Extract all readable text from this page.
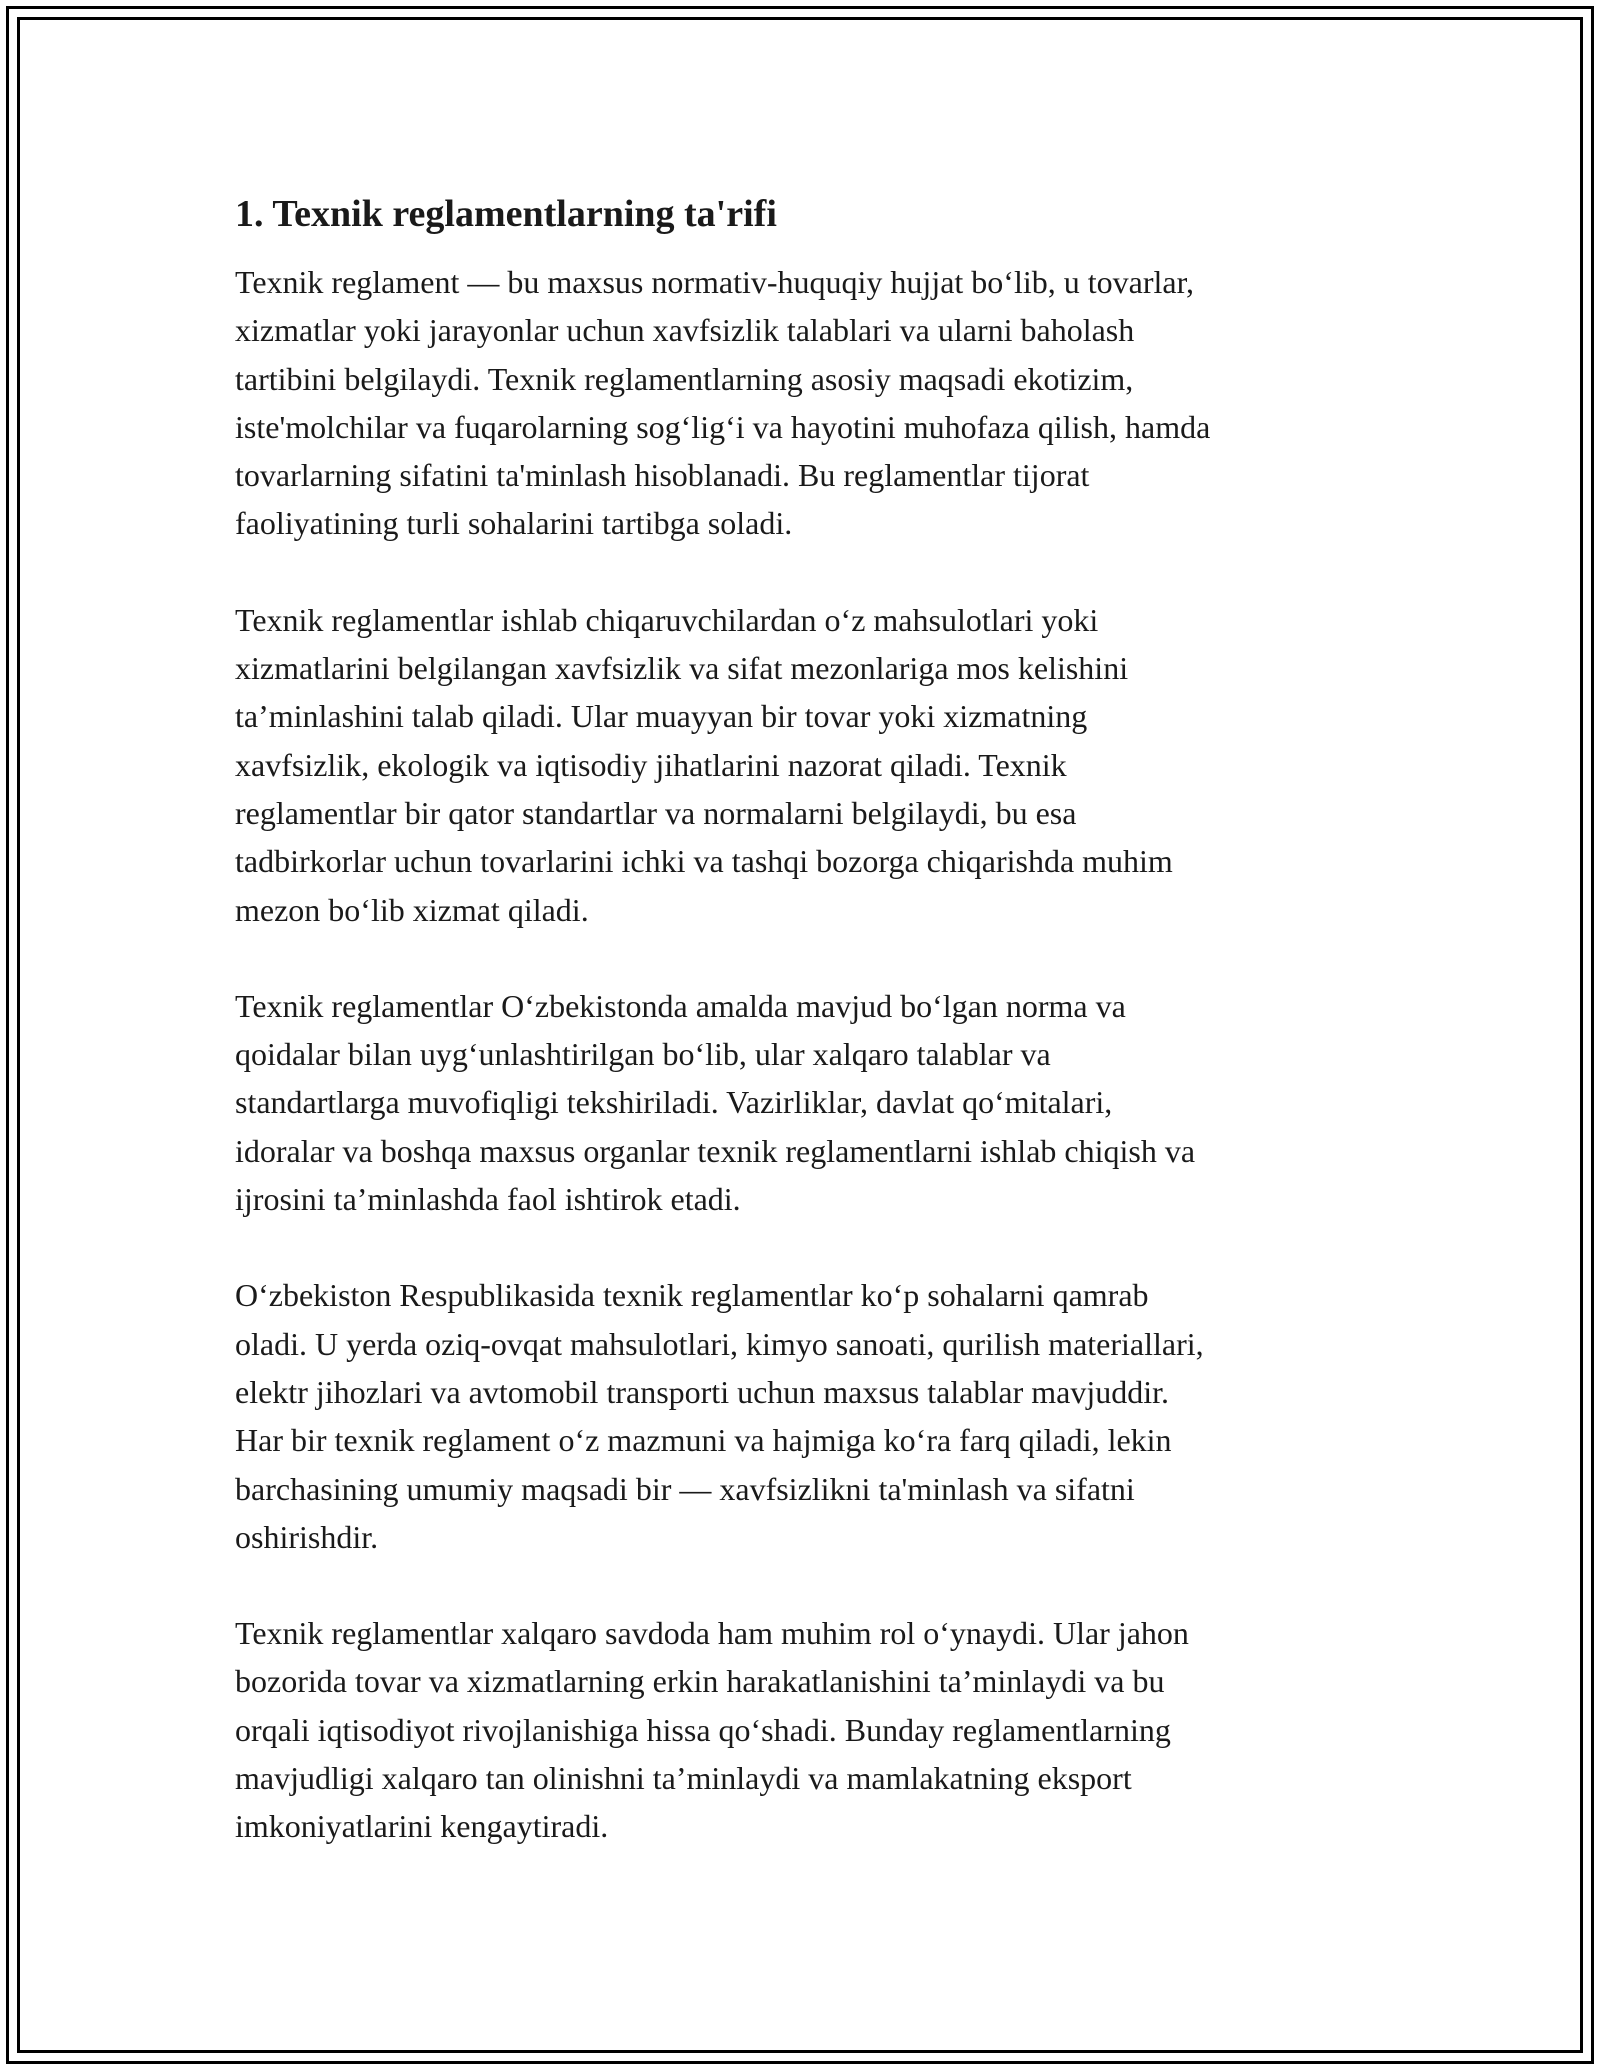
1. Texnik reglamentlarning ta'rifi

Texnik reglament — bu maxsus normativ-huquqiy hujjat bo‘lib, u tovarlar,
xizmatlar yoki jarayonlar uchun xavfsizlik talablari va ularni baholash
tartibini belgilaydi. Texnik reglamentlarning asosiy maqsadi ekotizim,
iste'molchilar va fuqarolarning sog‘lig‘i va hayotini muhofaza qilish, hamda
tovarlarning sifatini ta'minlash hisoblanadi. Bu reglamentlar tijorat
faoliyatining turli sohalarini tartibga soladi.

Texnik reglamentlar ishlab chiqaruvchilardan o‘z mahsulotlari yoki
xizmatlarini belgilangan xavfsizlik va sifat mezonlariga mos kelishini
ta’minlashini talab qiladi. Ular muayyan bir tovar yoki xizmatning
xavfsizlik, ekologik va iqtisodiy jihatlarini nazorat qiladi. Texnik
reglamentlar bir qator standartlar va normalarni belgilaydi, bu esa
tadbirkorlar uchun tovarlarini ichki va tashqi bozorga chiqarishda muhim
mezon bo‘lib xizmat qiladi.

Texnik reglamentlar O‘zbekistonda amalda mavjud bo‘lgan norma va
qoidalar bilan uyg‘unlashtirilgan bo‘lib, ular xalqaro talablar va
standartlarga muvofiqligi tekshiriladi. Vazirliklar, davlat qo‘mitalari,
idoralar va boshqa maxsus organlar texnik reglamentlarni ishlab chiqish va
ijrosini ta’minlashda faol ishtirok etadi.

O‘zbekiston Respublikasida texnik reglamentlar ko‘p sohalarni qamrab
oladi. U yerda oziq-ovqat mahsulotlari, kimyo sanoati, qurilish materiallari,
elektr jihozlari va avtomobil transporti uchun maxsus talablar mavjuddir.
Har bir texnik reglament o‘z mazmuni va hajmiga ko‘ra farq qiladi, lekin
barchasining umumiy maqsadi bir — xavfsizlikni ta'minlash va sifatni
oshirishdir.

Texnik reglamentlar xalqaro savdoda ham muhim rol o‘ynaydi. Ular jahon
bozorida tovar va xizmatlarning erkin harakatlanishini ta’minlaydi va bu
orqali iqtisodiyot rivojlanishiga hissa qo‘shadi. Bunday reglamentlarning
mavjudligi xalqaro tan olinishni ta’minlaydi va mamlakatning eksport
imkoniyatlarini kengaytiradi.
